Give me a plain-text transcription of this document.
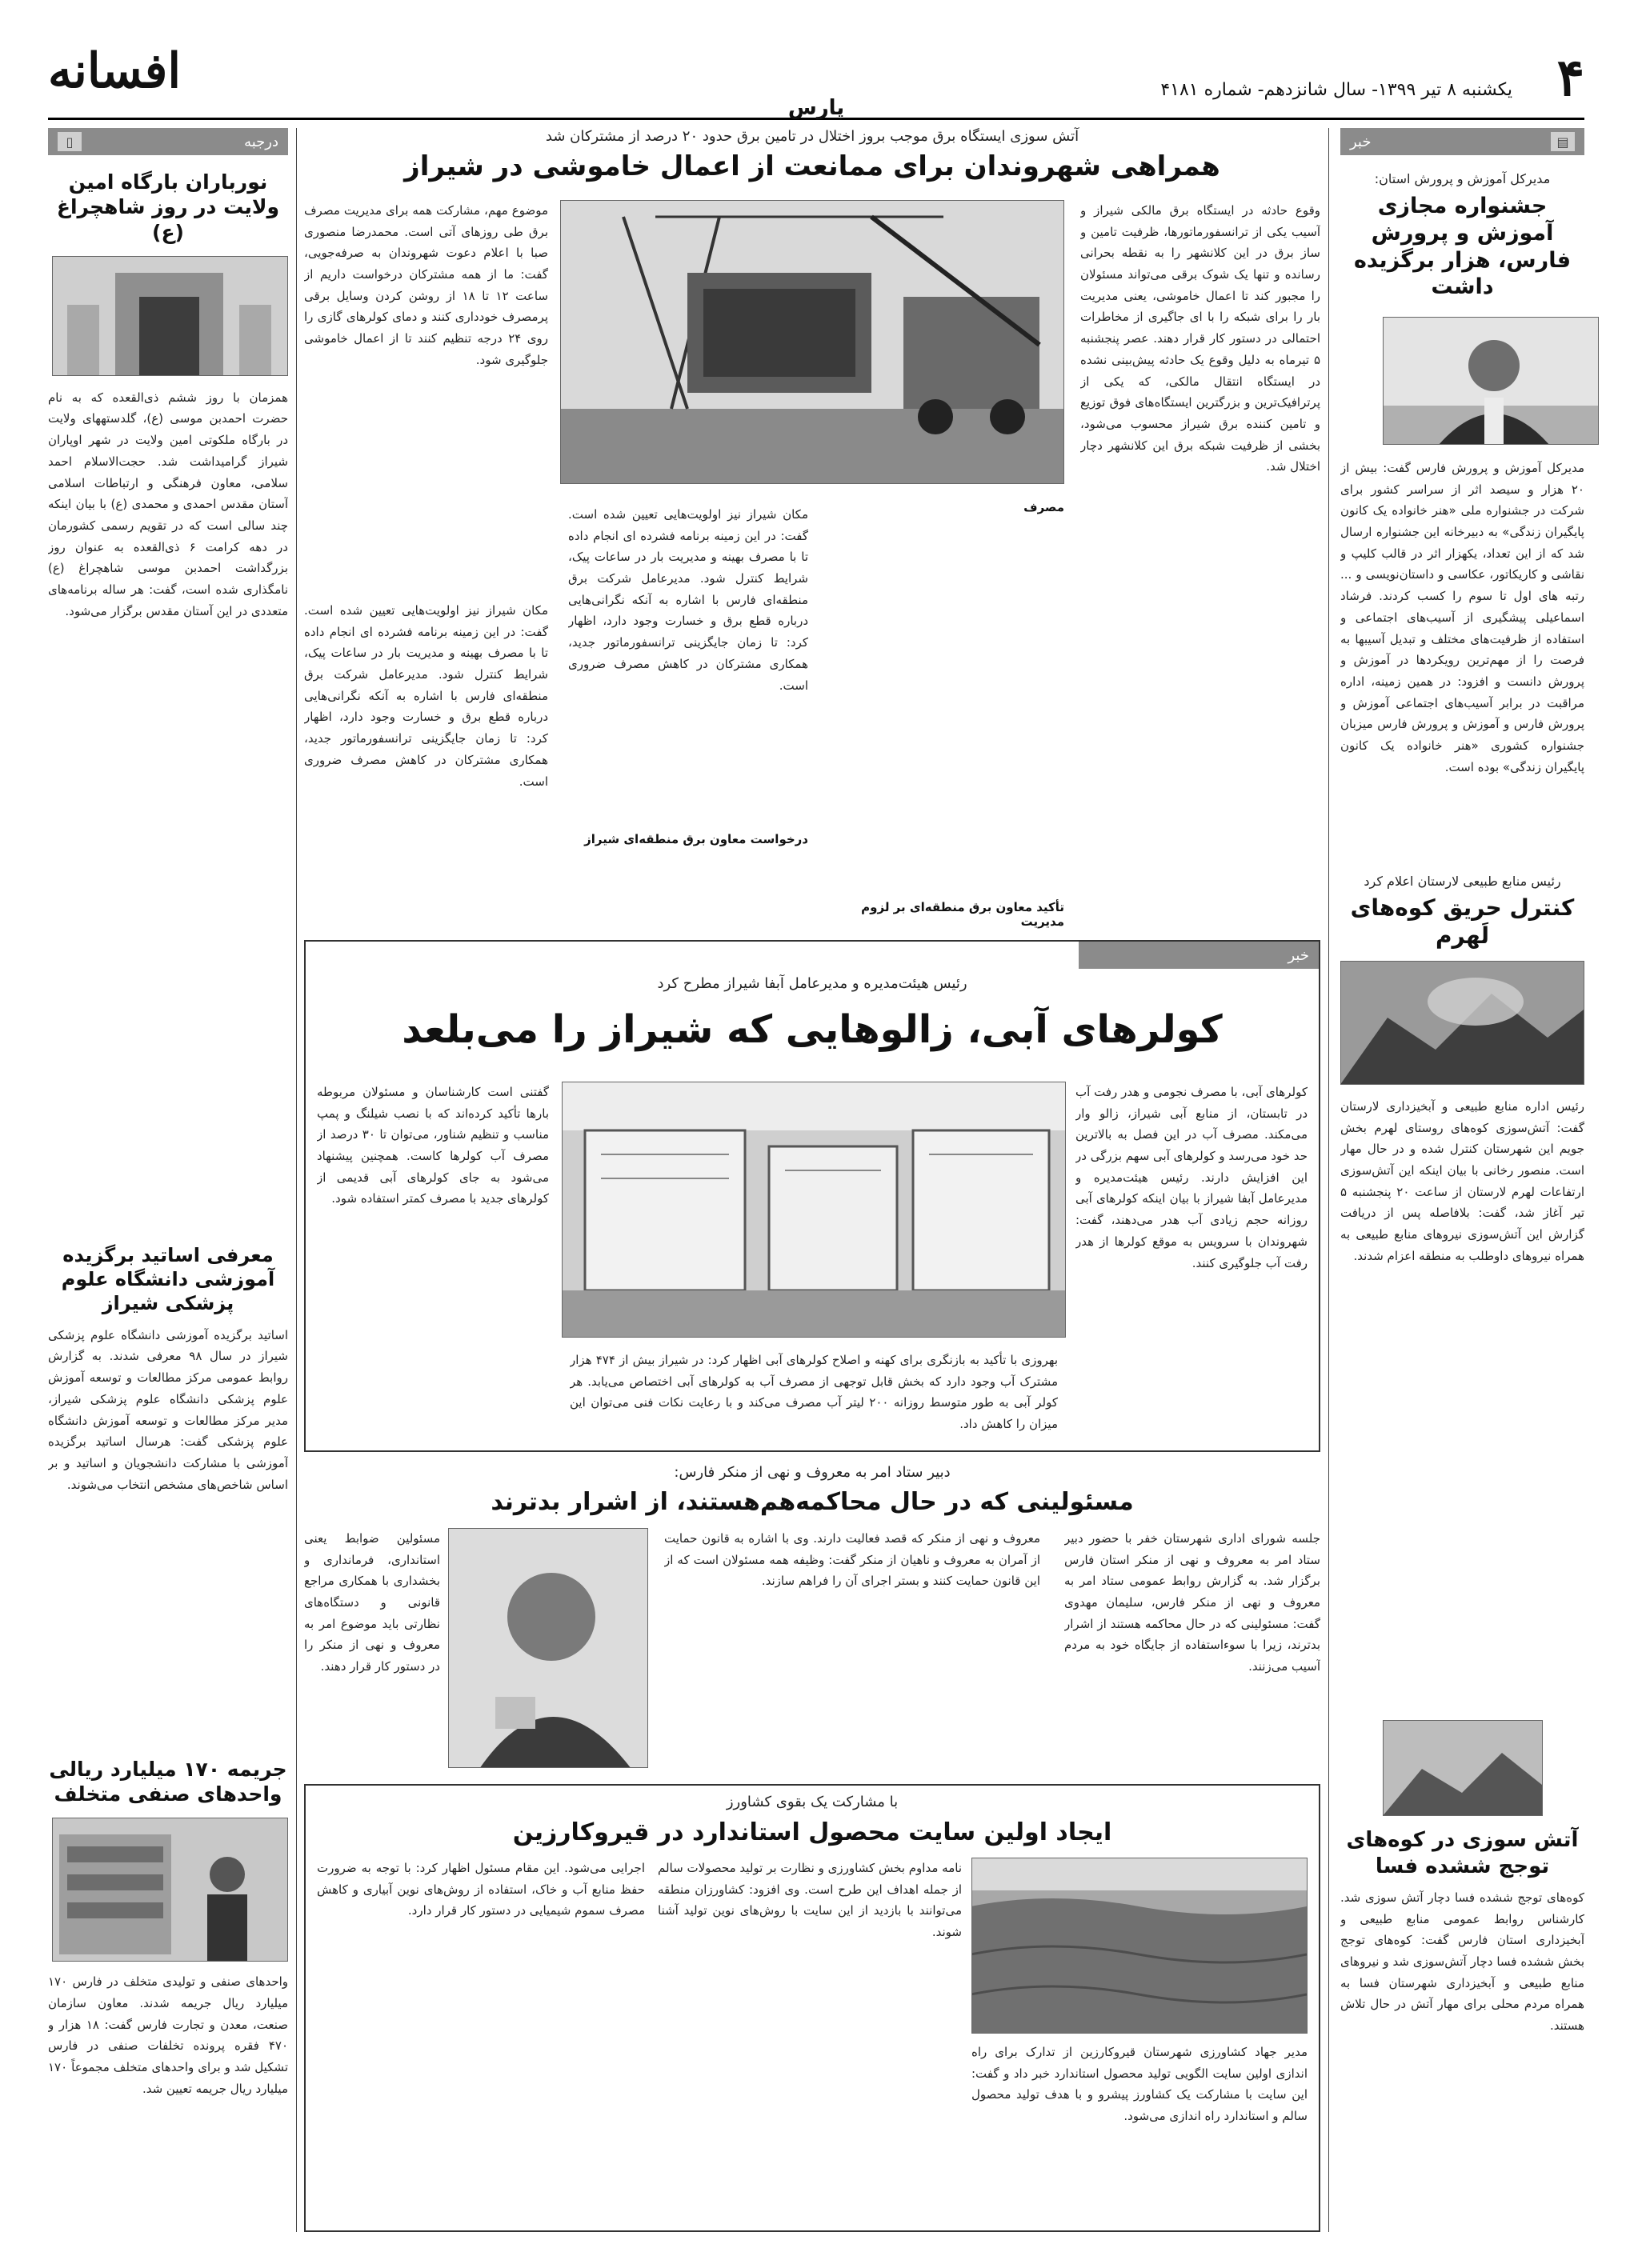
۴
یکشنبه ۸ تیر ۱۳۹۹- سال شانزدهم- شماره ۴۱۸۱
پارس
افسانه
▤
خبر
مدیرکل آموزش و پرورش استان:
جشنواره مجازی آموزش و پرورش فارس، هزار برگزیده داشت
مدیرکل آموزش و پرورش فارس گفت: بیش از ۲۰ هزار و سیصد اثر از سراسر کشور برای شرکت در جشنواره ملی «هنر خانواده یک کانون پایگیران زندگی» به دبیرخانه این جشنواره ارسال شد که از این تعداد، یکهزار اثر در قالب کلیپ و نقاشی و کاریکاتور، عکاسی و داستان‌نویسی و ... رتبه های اول تا سوم را کسب کردند. فرشاد اسماعیلی پیشگیری از آسیب‌های اجتماعی و استفاده از ظرفیت‌های مختلف و تبدیل آسیبها به فرصت را از مهم‌ترین رویکردها در آموزش و پرورش دانست و افزود: در همین زمینه، اداره مراقبت در برابر آسیب‌های اجتماعی آموزش و پرورش فارس و آموزش و پرورش فارس میزبان جشنواره کشوری «هنر خانواده یک کانون پایگیران زندگی» بوده است.
رئیس منابع طبیعی لارستان اعلام کرد
کنترل حریق کوه‌های لَهرم
رئیس اداره منابع طبیعی و آبخیزداری لارستان گفت: آتش‌سوزی کوه‌های روستای لهرم بخش جویم این شهرستان کنترل شده و در حال مهار است. منصور رخانی با بیان اینکه این آتش‌سوزی ارتفاعات لهرم لارستان از ساعت ۲۰ پنجشنبه ۵ تیر آغاز شد، گفت: بلافاصله پس از دریافت گزارش این آتش‌سوزی نیروهای منابع طبیعی به همراه نیروهای داوطلب به منطقه اعزام شدند.
آتش سوزی در کوه‌های توجج ششده فسا
کوه‌های توجج ششده فسا دچار آتش سوزی شد. کارشناس روابط عمومی منابع طبیعی و آبخیزداری استان فارس گفت: کوه‌های توجج بخش ششده فسا دچار آتش‌سوزی شد و نیروهای منابع طبیعی و آبخیزداری شهرستان فسا به همراه مردم محلی برای مهار آتش در حال تلاش هستند.
درجبه
▯
نورباران بارگاه امین ولایت در روز شاهچراغ (ع)
همزمان با روز ششم ذی‌القعده که به نام حضرت احمدبن موسی (ع)، گلدستههای ولایت در بارگاه ملکوتی امین ولایت در شهر اوپاران شیراز گرامیداشت شد. حجت‌الاسلام احمد سلامی، معاون فرهنگی و ارتباطات اسلامی آستان مقدس احمدی و محمدی (ع) با بیان اینکه چند سالی است که در تقویم رسمی کشورمان در دهه کرامت ۶ ذی‌القعده به عنوان روز بزرگداشت احمدبن موسی شاهچراغ (ع) نامگذاری شده است، گفت: هر ساله برنامه‌های متعددی در این آستان مقدس برگزار می‌شود.
معرفی اساتید برگزیده آموزشی دانشگاه علوم پزشکی شیراز
اساتید برگزیده آموزشی دانشگاه علوم پزشکی شیراز در سال ۹۸ معرفی شدند. به گزارش روابط عمومی مرکز مطالعات و توسعه آموزش علوم پزشکی دانشگاه علوم پزشکی شیراز، مدیر مرکز مطالعات و توسعه آموزش دانشگاه علوم پزشکی گفت: هرسال اساتید برگزیده آموزشی با مشارکت دانشجویان و اساتید و بر اساس شاخص‌های مشخص انتخاب می‌شوند.
جریمه ۱۷۰ میلیارد ریالی واحدهای صنفی متخلف
واحدهای صنفی و تولیدی متخلف در فارس ۱۷۰ میلیارد ریال جریمه شدند. معاون سازمان صنعت، معدن و تجارت فارس گفت: ۱۸ هزار و ۴۷۰ فقره پرونده تخلفات صنفی در فارس تشکیل شد و برای واحدهای متخلف مجموعاً ۱۷۰ میلیارد ریال جریمه تعیین شد.
آتش سوزی ایستگاه برق موجب بروز اختلال در تامین برق حدود ۲۰ درصد از مشترکان شد
همراهی شهروندان برای ممانعت از اعمال خاموشی در شیراز
وقوع حادثه در ایستگاه برق مالکی شیراز و آسیب یکی از ترانسفورماتورها، ظرفیت تامین و ساز برق در این کلانشهر را به نقطه بحرانی رسانده و تنها یک شوک برقی می‌تواند مسئولان را مجبور کند تا اعمال خاموشی، یعنی مدیریت بار را برای شبکه را با ای جاگیری از مخاطرات احتمالی در دستور کار قرار دهند. عصر پنجشنبه ۵ تیرماه به دلیل وقوع یک حادثه پیش‌بینی نشده در ایستگاه انتقال مالکی، که یکی از پرترافیک‌ترین و بزرگترین ایستگاه‌های فوق توزیع و تامین کننده برق شیراز محسوب می‌شود، بخشی از ظرفیت شبکه برق این کلانشهر دچار اختلال شد.
موضوع مهم، مشارکت همه برای مدیریت مصرف برق طی روزهای آتی است. محمدرضا منصوری صبا با اعلام دعوت شهروندان به صرفه‌جویی، گفت: ما از همه مشترکان درخواست داریم از ساعت ۱۲ تا ۱۸ از روشن کردن وسایل برقی پرمصرف خودداری کنند و دمای کولرهای گازی را روی ۲۴ درجه تنظیم کنند تا از اعمال خاموشی جلوگیری شود.
مصرف
مکان شیراز نیز اولویت‌هایی تعیین شده است. گفت: در این زمینه برنامه فشرده ای انجام داده تا با مصرف بهینه و مدیریت بار در ساعات پیک، شرایط کنترل شود. مدیرعامل شرکت برق منطقه‌ای فارس با اشاره به آنکه نگرانی‌هایی درباره قطع برق و خسارت وجود دارد، اظهار کرد: تا زمان جایگزینی ترانسفورماتور جدید، همکاری مشترکان در کاهش مصرف ضروری است.
درخواست معاون برق منطقه‌ای شیراز
تأکید معاون برق منطقه‌ای بر لزوم مدیریت
مکان شیراز نیز اولویت‌هایی تعیین شده است. گفت: در این زمینه برنامه فشرده ای انجام داده تا با مصرف بهینه و مدیریت بار در ساعات پیک، شرایط کنترل شود. مدیرعامل شرکت برق منطقه‌ای فارس با اشاره به آنکه نگرانی‌هایی درباره قطع برق و خسارت وجود دارد، اظهار کرد: تا زمان جایگزینی ترانسفورماتور جدید، همکاری مشترکان در کاهش مصرف ضروری است.
خبر
رئیس هیئت‌مدیره و مدیرعامل آبفا شیراز مطرح کرد
کولرهای آبی، زالوهایی که شیراز را می‌بلعد
کولرهای آبی، با مصرف نجومی و هدر رفت آب در تابستان، از منابع آبی شیراز، زالو وار می‌مکند. مصرف آب در این فصل به بالاترین حد خود می‌رسد و کولرهای آبی سهم بزرگی در این افزایش دارند. رئیس هیئت‌مدیره و مدیرعامل آبفا شیراز با بیان اینکه کولرهای آبی روزانه حجم زیادی آب هدر می‌دهند، گفت: شهروندان با سرویس به موقع کولرها از هدر رفت آب جلوگیری کنند.
گفتنی است کارشناسان و مسئولان مربوطه بارها تأکید کرده‌اند که با نصب شیلنگ و پمپ مناسب و تنظیم شناور، می‌توان تا ۳۰ درصد از مصرف آب کولرها کاست. همچنین پیشنهاد می‌شود به جای کولرهای آبی قدیمی از کولرهای جدید با مصرف کمتر استفاده شود.
بهروزی با تأکید به بازنگری برای کهنه و اصلاح کولرهای آبی اظهار کرد: در شیراز بیش از ۴۷۴ هزار مشترک آب وجود دارد که بخش قابل توجهی از مصرف آب به کولرهای آبی اختصاص می‌یابد. هر کولر آبی به طور متوسط روزانه ۲۰۰ لیتر آب مصرف می‌کند و با رعایت نکات فنی می‌توان این میزان را کاهش داد.
دبیر ستاد امر به معروف و نهی از منکر فارس:
مسئولینی که در حال محاکمه‌هم‌هستند، از اشرار بدترند
جلسه شورای اداری شهرستان خفر با حضور دبیر ستاد امر به معروف و نهی از منکر استان فارس برگزار شد. به گزارش روابط عمومی ستاد امر به معروف و نهی از منکر فارس، سلیمان مهدوی گفت: مسئولینی که در حال محاکمه هستند از اشرار بدترند، زیرا با سوءاستفاده از جایگاه خود به مردم آسیب می‌زنند.
معروف و نهی از منکر که قصد فعالیت دارند. وی با اشاره به قانون حمایت از آمران به معروف و ناهیان از منکر گفت: وظیفه همه مسئولان است که از این قانون حمایت کنند و بستر اجرای آن را فراهم سازند.
مسئولین ضوابط یعنی استانداری، فرمانداری و بخشداری با همکاری مراجع قانونی و دستگاه‌های نظارتی باید موضوع امر به معروف و نهی از منکر را در دستور کار قرار دهند.
با مشارکت یک بقوی کشاورز
ایجاد اولین سایت محصول استاندارد در قیروکارزین
مدیر جهاد کشاورزی شهرستان قیروکارزین از تدارک برای راه اندازی اولین سایت الگویی تولید محصول استاندارد خبر داد و گفت: این سایت با مشارکت یک کشاورز پیشرو و با هدف تولید محصول سالم و استاندارد راه اندازی می‌شود.
نامه مداوم بخش کشاورزی و نظارت بر تولید محصولات سالم از جمله اهداف این طرح است. وی افزود: کشاورزان منطقه می‌توانند با بازدید از این سایت با روش‌های نوین تولید آشنا شوند.
اجرایی می‌شود. این مقام مسئول اظهار کرد: با توجه به ضرورت حفظ منابع آب و خاک، استفاده از روش‌های نوین آبیاری و کاهش مصرف سموم شیمیایی در دستور کار قرار دارد.
